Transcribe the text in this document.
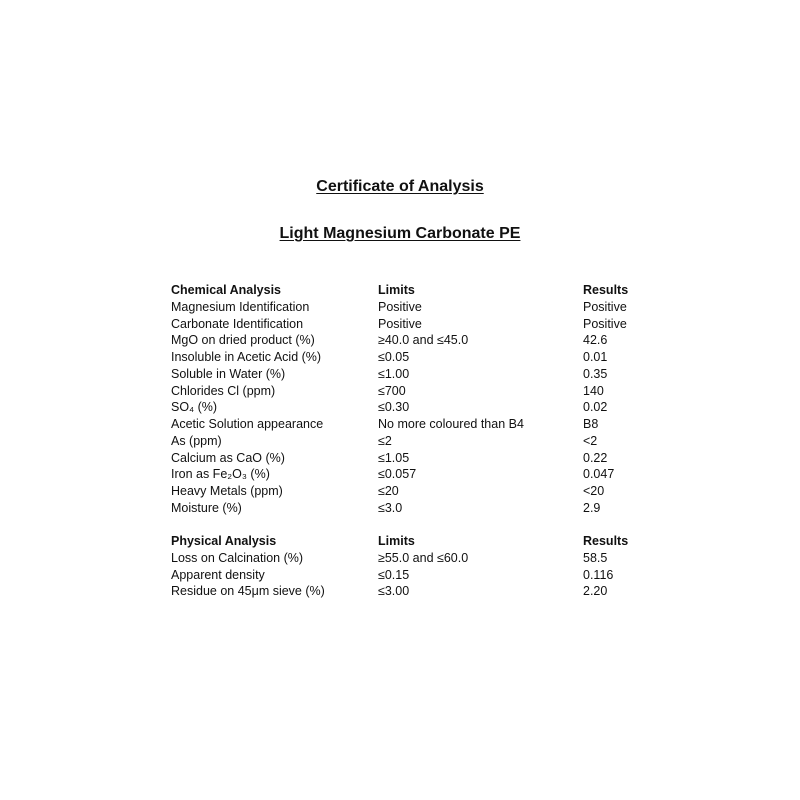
Certificate of Analysis
Light Magnesium Carbonate PE
Chemical Analysis	Limits	Results
Magnesium Identification	Positive	Positive
Carbonate Identification	Positive	Positive
MgO on dried product (%)	≥40.0 and ≤45.0	42.6
Insoluble in Acetic Acid (%)	≤0.05	0.01
Soluble in Water (%)	≤1.00	0.35
Chlorides Cl (ppm)	≤700	140
SO₄ (%)	≤0.30	0.02
Acetic Solution appearance	No more coloured than B4	B8
As (ppm)	≤2	<2
Calcium as CaO (%)	≤1.05	0.22
Iron as Fe₂O₃ (%)	≤0.057	0.047
Heavy Metals (ppm)	≤20	<20
Moisture (%)	≤3.0	2.9
Physical Analysis	Limits	Results
Loss on Calcination (%)	≥55.0 and ≤60.0	58.5
Apparent density	≤0.15	0.116
Residue on 45μm sieve (%)	≤3.00	2.20
